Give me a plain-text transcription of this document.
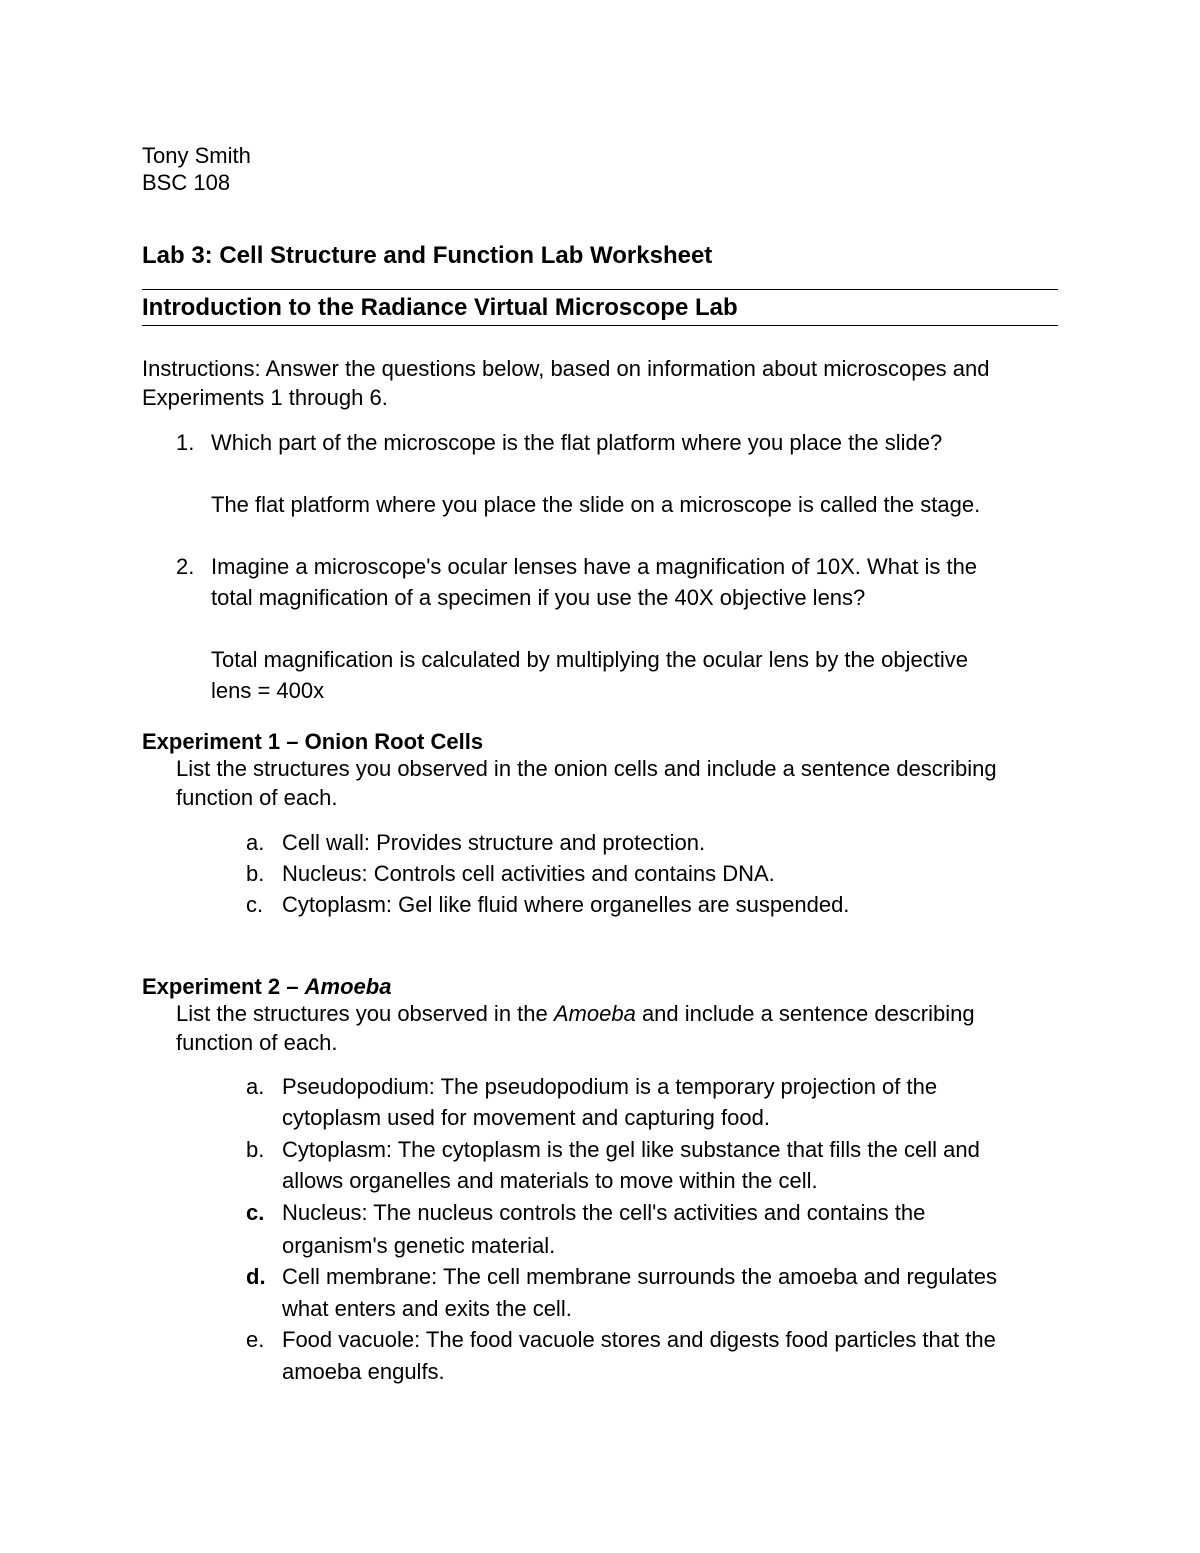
Tony Smith
BSC 108
Lab 3: Cell Structure and Function Lab Worksheet
Introduction to the Radiance Virtual Microscope Lab
Instructions: Answer the questions below, based on information about microscopes and
Experiments 1 through 6.
1. Which part of the microscope is the flat platform where you place the slide?
The flat platform where you place the slide on a microscope is called the stage.
2. Imagine a microscope's ocular lenses have a magnification of 10X. What is the
total magnification of a specimen if you use the 40X objective lens?
Total magnification is calculated by multiplying the ocular lens by the objective
lens = 400x
Experiment 1 – Onion Root Cells
List the structures you observed in the onion cells and include a sentence describing
function of each.
a. Cell wall: Provides structure and protection.
b. Nucleus: Controls cell activities and contains DNA.
c. Cytoplasm: Gel like fluid where organelles are suspended.
Experiment 2 – Amoeba
List the structures you observed in the Amoeba and include a sentence describing
function of each.
a. Pseudopodium: The pseudopodium is a temporary projection of the
cytoplasm used for movement and capturing food.
b. Cytoplasm: The cytoplasm is the gel like substance that fills the cell and
allows organelles and materials to move within the cell.
c. Nucleus: The nucleus controls the cell's activities and contains the
organism's genetic material.
d. Cell membrane: The cell membrane surrounds the amoeba and regulates
what enters and exits the cell.
e. Food vacuole: The food vacuole stores and digests food particles that the
amoeba engulfs.
